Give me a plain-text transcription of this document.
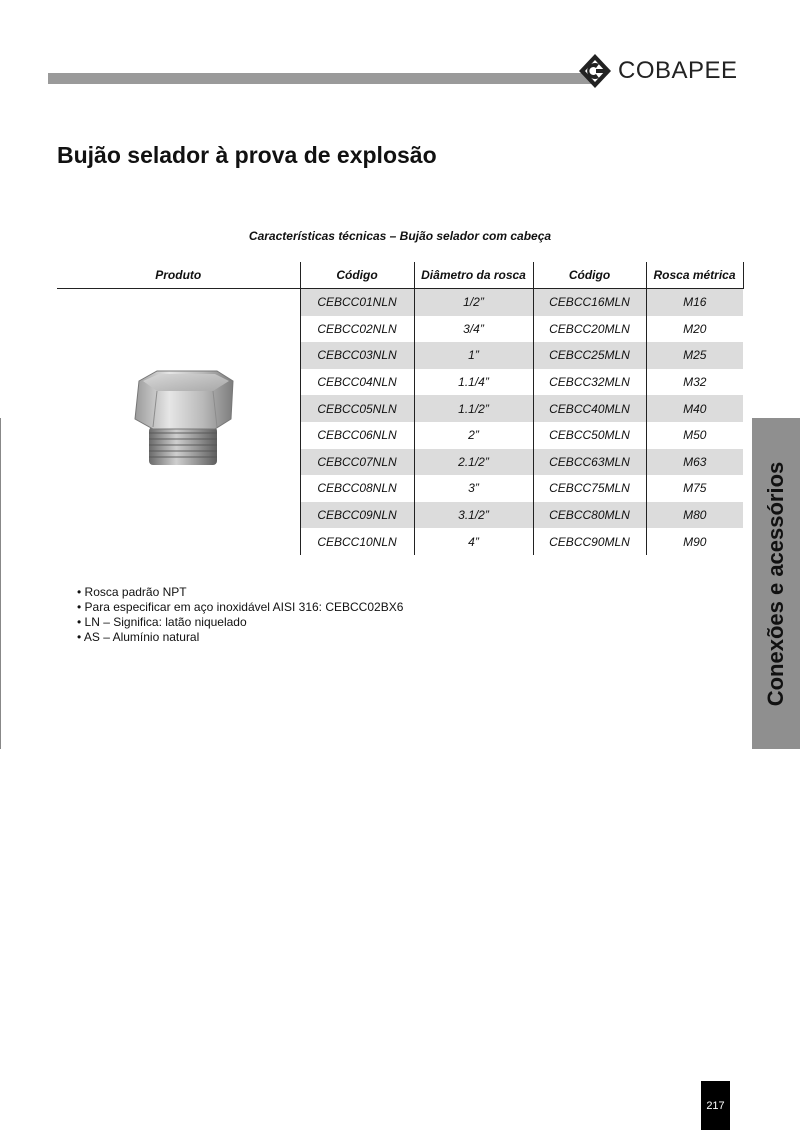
COBAPEE
Bujão selador à prova de explosão
Características técnicas – Bujão selador com cabeça
Produto	Código	Diâmetro da rosca	Código	Rosca métrica

	CEBCC01NLN	1/2”	CEBCC16MLN	M16
	CEBCC02NLN	3/4”	CEBCC20MLN	M20
	CEBCC03NLN	1”	CEBCC25MLN	M25
	CEBCC04NLN	1.1/4”	CEBCC32MLN	M32
	CEBCC05NLN	1.1/2”	CEBCC40MLN	M40
	CEBCC06NLN	2”	CEBCC50MLN	M50
	CEBCC07NLN	2.1/2”	CEBCC63MLN	M63
	CEBCC08NLN	3”	CEBCC75MLN	M75
	CEBCC09NLN	3.1/2”	CEBCC80MLN	M80
	CEBCC10NLN	4”	CEBCC90MLN	M90
• Rosca padrão NPT
• Para especificar em aço inoxidável AISI 316: CEBCC02BX6
• LN – Significa: latão niquelado
• AS – Alumínio natural	Conexões e acessórios
217
